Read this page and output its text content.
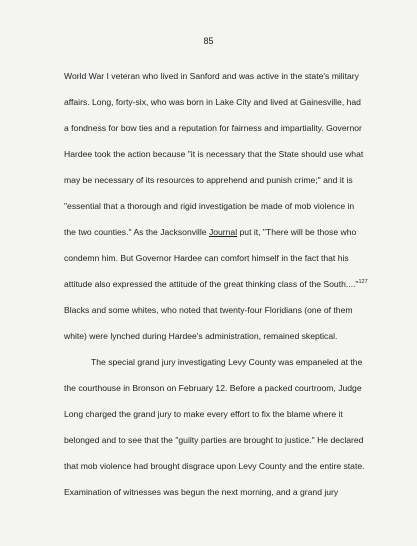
85
World War I veteran who lived in Sanford and was active in the state's military
affairs. Long, forty-six, who was born in Lake City and lived at Gainesville, had
a fondness for bow ties and a reputation for fairness and impartiality. Governor
Hardee took the action because "it is necessary that the State should use what
may be necessary of its resources to apprehend and punish crime;" and it is
"essential that a thorough and rigid investigation be made of mob violence in
the two counties." As the Jacksonville Journal put it, "There will be those who
condemn him. But Governor Hardee can comfort himself in the fact that his
attitude also expressed the attitude of the great thinking class of the South...."$^{127}$
Blacks and some whites, who noted that twenty-four Floridians (one of them
white) were lynched during Hardee's administration, remained skeptical.
The special grand jury investigating Levy County was empaneled at the
the courthouse in Bronson on February 12. Before a packed courtroom, Judge
Long charged the grand jury to make every effort to fix the blame where it
belonged and to see that the "guilty parties are brought to justice." He declared
that mob violence had brought disgrace upon Levy County and the entire state.
Examination of witnesses was begun the next morning, and a grand jury
